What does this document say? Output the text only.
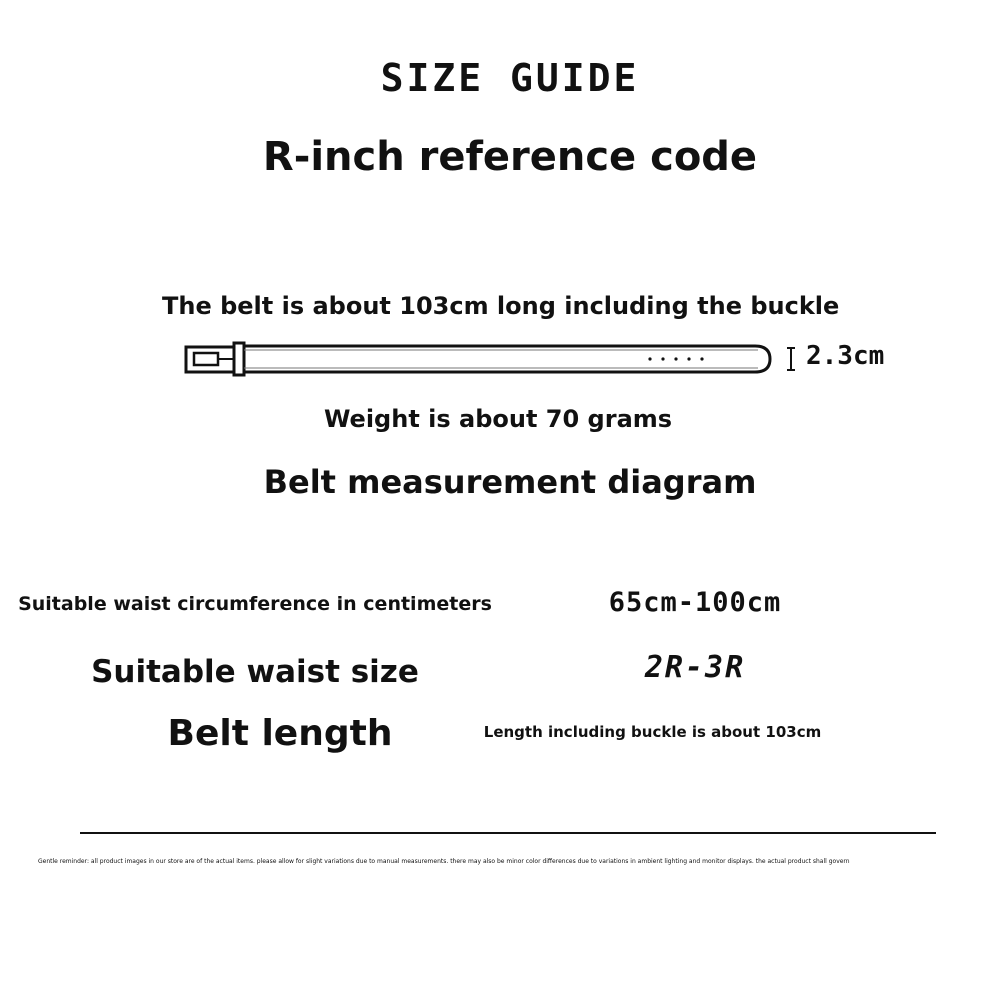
SIZE GUIDE
R-inch reference code
The belt is about 103cm long including the buckle
2.3cm
Weight is about 70 grams
Belt measurement diagram
Suitable waist circumference in centimeters	65cm-100cm
Suitable waist size	2R-3R
Belt length	Length including buckle is about 103cm
Gentle reminder: all product images in our store are of the actual items. please allow for slight variations due to manual measurements. there may also be minor color differences due to variations in ambient lighting and monitor displays. the actual product shall govern
